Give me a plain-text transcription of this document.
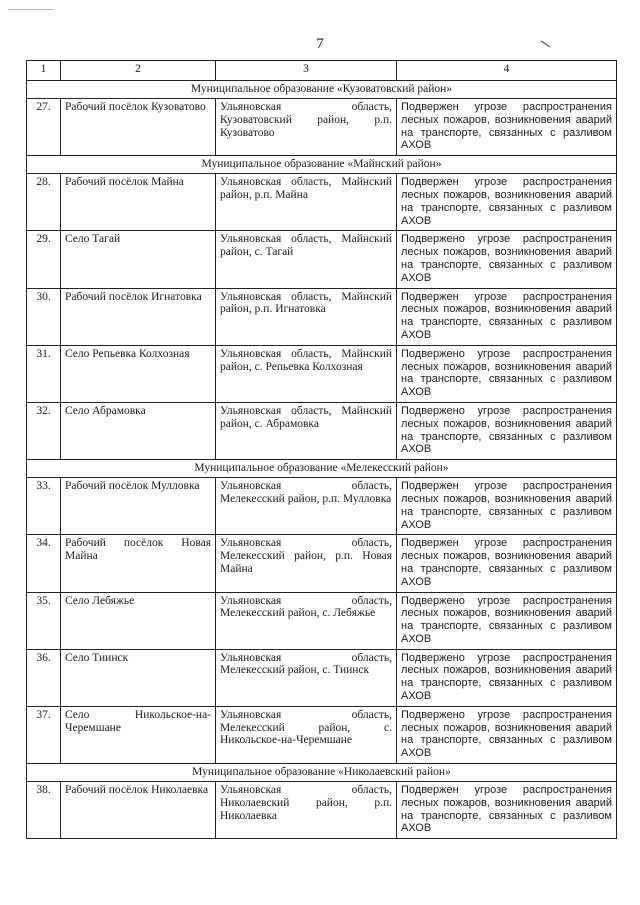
7
1	2	3	4
Муниципальное образование «Кузоватовский район»			
27.	Рабочий посёлок Кузоватово	Ульяновская область, Кузоватовский район, р.п. Кузоватово	Подвержен угрозе распространения лесных пожаров, возникновения аварий на транспорте, связанных с разливом АХОВ
Муниципальное образование «Майнский район»			
28.	Рабочий посёлок Майна	Ульяновская область, Майнский район, р.п. Майна	Подвержен угрозе распространения лесных пожаров, возникновения аварий на транспорте, связанных с разливом АХОВ
29.	Село Тагай	Ульяновская область, Майнский район, с. Тагай	Подвержено угрозе распространения лесных пожаров, возникновения аварий на транспорте, связанных с разливом АХОВ
30.	Рабочий посёлок Игнатовка	Ульяновская область, Майнский район, р.п. Игнатовка	Подвержен угрозе распространения лесных пожаров, возникновения аварий на транспорте, связанных с разливом АХОВ
31.	Село Репьевка Колхозная	Ульяновская область, Майнский район, с. Репьевка Колхозная	Подвержено угрозе распространения лесных пожаров, возникновения аварий на транспорте, связанных с разливом АХОВ
32.	Село Абрамовка	Ульяновская область, Майнский район, с. Абрамовка	Подвержено угрозе распространения лесных пожаров, возникновения аварий на транспорте, связанных с разливом АХОВ
Муниципальное образование «Мелекесский район»			
33.	Рабочий посёлок Мулловка	Ульяновская область, Мелекесский район, р.п. Мулловка	Подвержен угрозе распространения лесных пожаров, возникновения аварий на транспорте, связанных с разливом АХОВ
34.	Рабочий посёлок Новая Майна	Ульяновская область, Мелекесский район, р.п. Новая Майна	Подвержен угрозе распространения лесных пожаров, возникновения аварий на транспорте, связанных с разливом АХОВ
35.	Село Лебяжье	Ульяновская область, Мелекесский район, с. Лебяжье	Подвержено угрозе распространения лесных пожаров, возникновения аварий на транспорте, связанных с разливом АХОВ
36.	Село Тиинск	Ульяновская область, Мелекесский район, с. Тиинск	Подвержено угрозе распространения лесных пожаров, возникновения аварий на транспорте, связанных с разливом АХОВ
37.	Село Никольское-на-Черемшане	Ульяновская область, Мелекесский район, с. Никольское-на-Черемшане	Подвержено угрозе распространения лесных пожаров, возникновения аварий на транспорте, связанных с разливом АХОВ
Муниципальное образование «Николаевский район»			
38.	Рабочий посёлок Николаевка	Ульяновская область, Николаевский район, р.п. Николаевка	Подвержен угрозе распространения лесных пожаров, возникновения аварий на транспорте, связанных с разливом АХОВ
